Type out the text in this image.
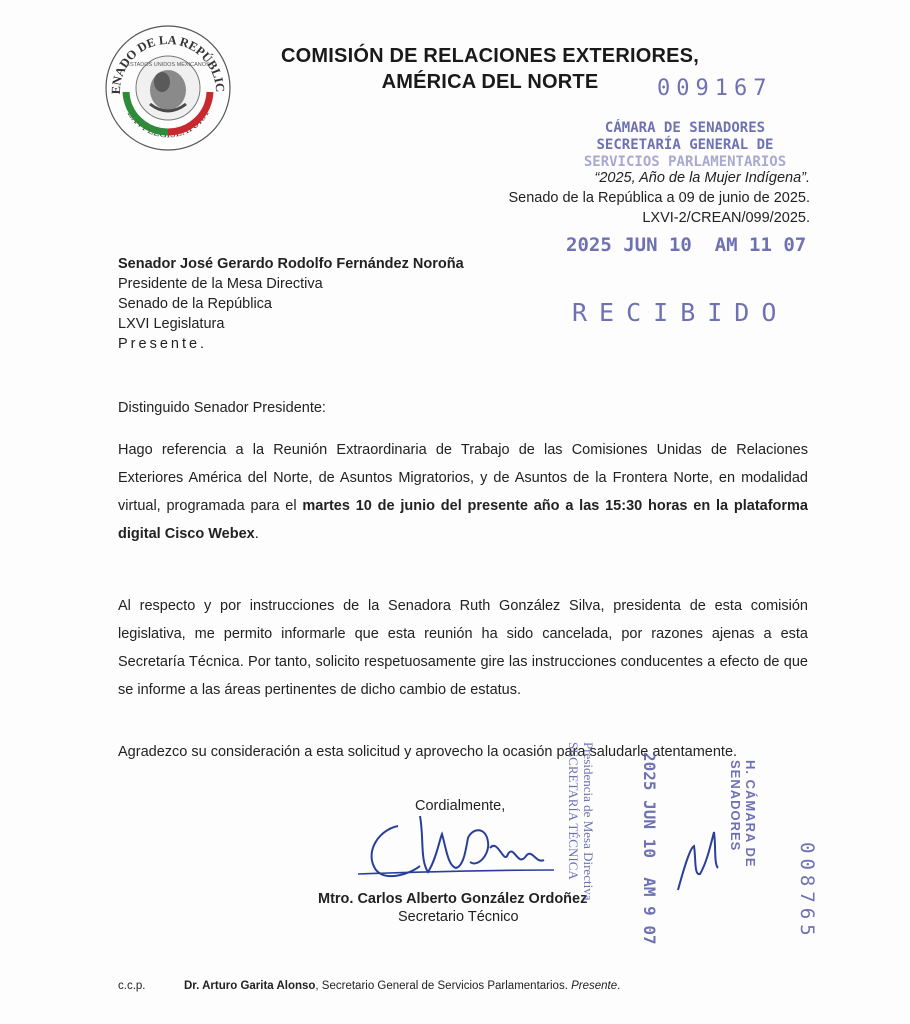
ENADO DE LA REPÚBLIC
LXVI LEGISLATURA
ESTADOS UNIDOS MEXICANOS	COMISIÓN DE RELACIONES EXTERIORES,
AMÉRICA DEL NORTE	009167
CÁMARA DE SENADORES
SECRETARÍA GENERAL DE
SERVICIOS PARLAMENTARIOS
“2025, Año de la Mujer Indígena”.
Senado de la República a 09 de junio de 2025.
LXVI-2/CREAN/099/2025.
2025 JUN 10  AM 11 07
RECIBIDO
Senador José Gerardo Rodolfo Fernández Noroña
Presidente de la Mesa Directiva
Senado de la República
LXVI Legislatura
Presente.
Distinguido Senador Presidente:
Hago referencia a la Reunión Extraordinaria de Trabajo de las Comisiones Unidas de Relaciones Exteriores América del Norte, de Asuntos Migratorios, y de Asuntos de la Frontera Norte, en modalidad virtual, programada para el martes 10 de junio del presente año a las 15:30 horas en la plataforma digital Cisco Webex.
Al respecto y por instrucciones de la Senadora Ruth González Silva, presidenta de esta comisión legislativa, me permito informarle que esta reunión ha sido cancelada, por razones ajenas a esta Secretaría Técnica. Por tanto, solicito respetuosamente gire las instrucciones conducentes a efecto de que se informe a las áreas pertinentes de dicho cambio de estatus.
Agradezco su consideración a esta solicitud y aprovecho la ocasión para saludarle atentamente.
Cordialmente,
Mtro. Carlos Alberto González Ordoñez
Secretario Técnico
Presidencia de Mesa Directiva SECRETARÍA TÉCNICA	2025 JUN 10  AM 9 07	H. CÁMARA DE SENADORES
008765
c.c.p.	Dr. Arturo Garita Alonso, Secretario General de Servicios Parlamentarios. Presente.
